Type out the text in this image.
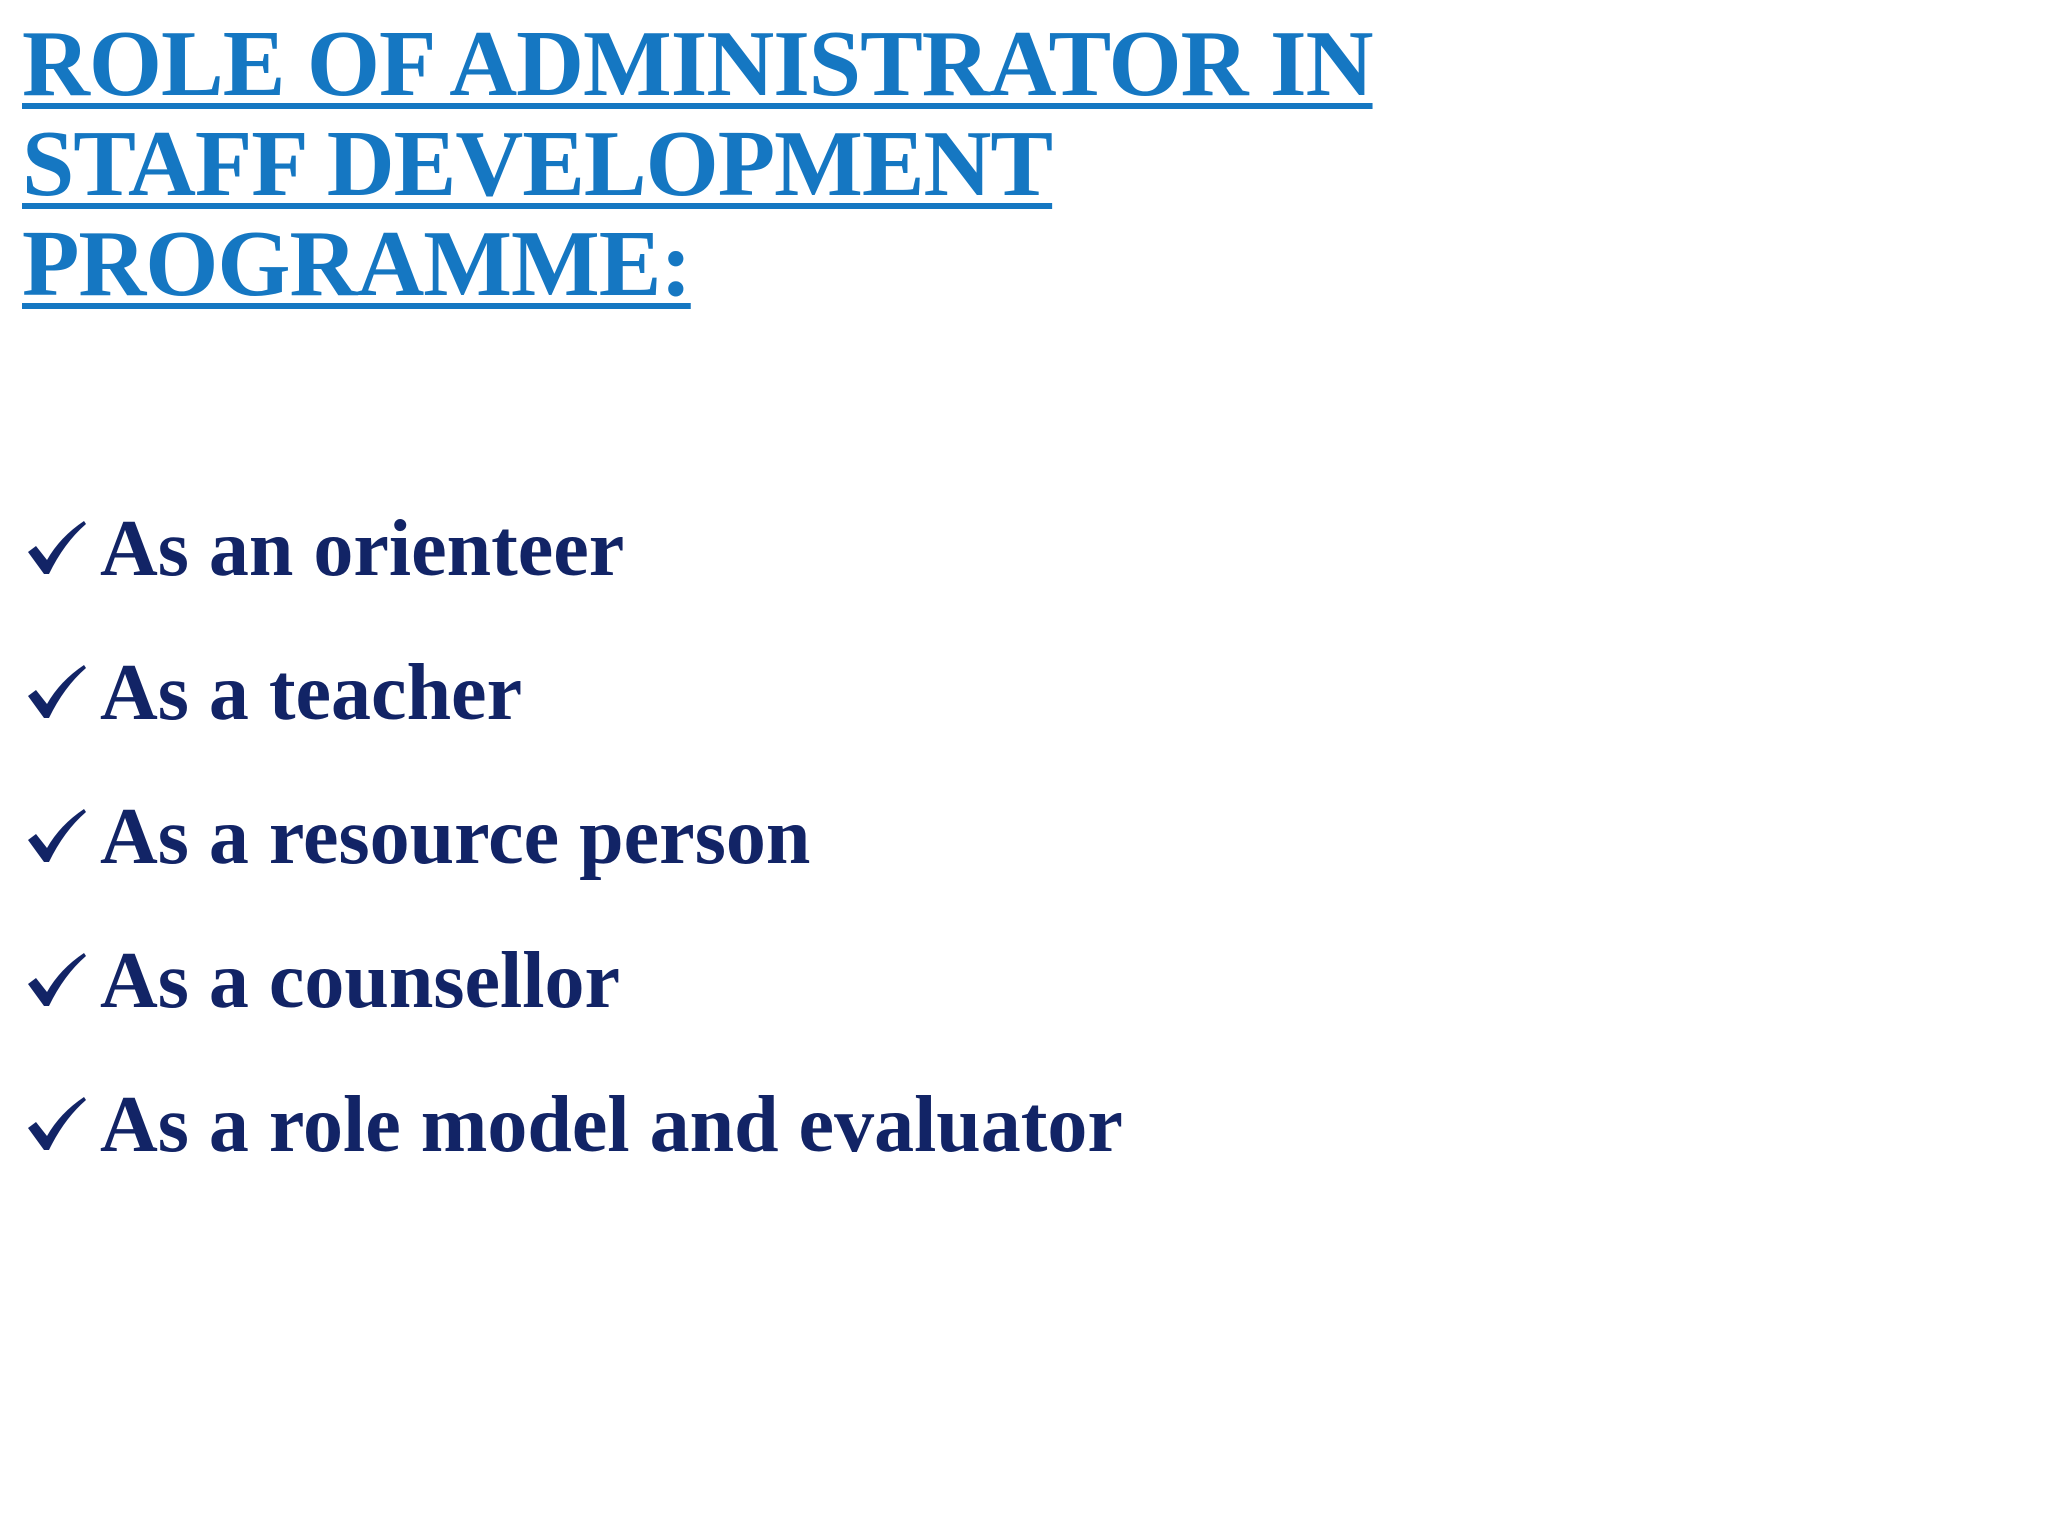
ROLE OF ADMINISTRATOR IN
STAFF DEVELOPMENT
PROGRAMME:
As an orienteer
As a teacher
As a resource person
As a counsellor
As a role model and evaluator
